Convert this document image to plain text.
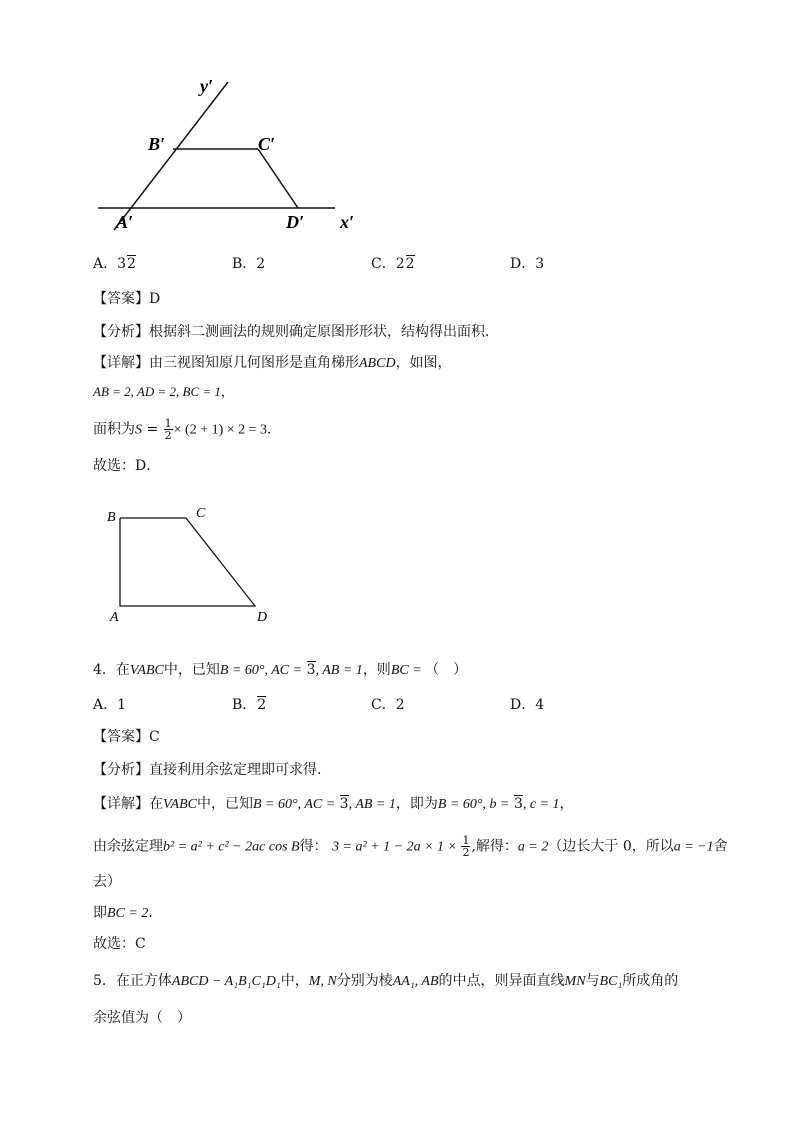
y′
B′	C′
A′	D′ x′
A．32	B．2	C．22	D．3
【答案】D
【分析】根据斜二测画法的规则确定原图形形状，结构得出面积．
【详解】由三视图知原几何图形是直角梯形ABCD，如图，
AB = 2, AD = 2, BC = 1，
面积为$S = \frac{1}{2} \times (2 + 1) \times 2 = 3$．
故选：D．
B	C
A	D
4．在VABC中，已知B = 60°, AC = 3, AB = 1，则BC = （　）
A．1	B．2	C．2	D．4
【答案】C
【分析】直接利用余弦定理即可求得.
【详解】在VABC中，已知B = 60°, AC = 3, AB = 1，即为B = 60°, b = 3, c = 1，
由余弦定理b² = a² + c² − 2ac cos B得： $3 = a^2 + 1 - 2a \times 1 \times \frac{1}{2}$ ,解得：a = 2（边长大于 0，所以a = −1舍
去）
即BC = 2.
故选：C
5．在正方体ABCD − A₁B₁C₁D₁中，M, N分别为棱AA₁, AB的中点，则异面直线MN与BC₁所成角的
余弦值为（　）
